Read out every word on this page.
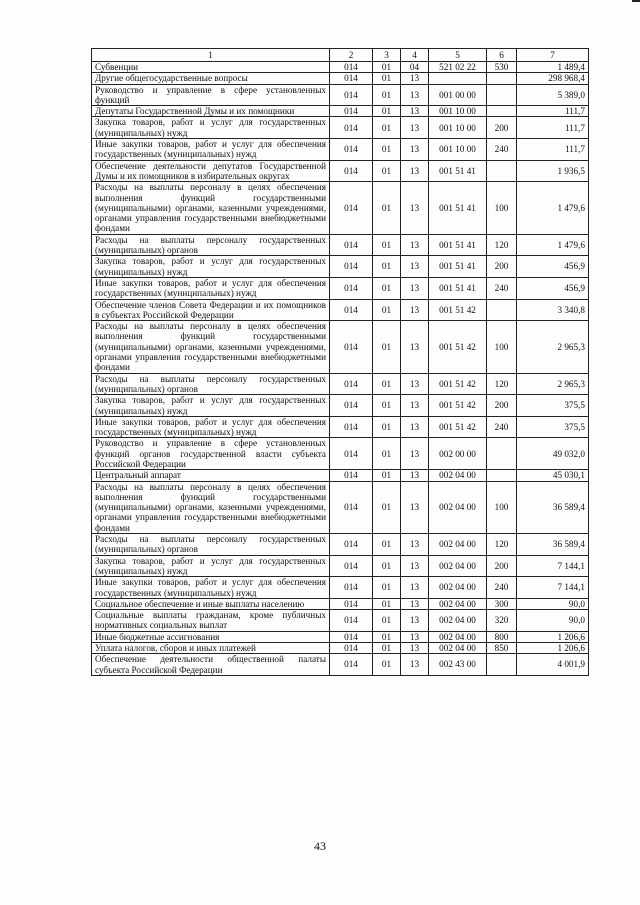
1	2	3	4	5	6	7
Субвенции	014	01	04	521 02 22	530	1 489,4
Другие общегосударственные вопросы	014	01	13			298 968,4
Руководство и управление в сфере установленных функций	014	01	13	001 00 00		5 389,0
Депутаты Государственной Думы и их помощники	014	01	13	001 10 00		111,7
Закупка товаров, работ и услуг для государственных (муниципальных) нужд	014	01	13	001 10 00	200	111,7
Иные закупки товаров, работ и услуг для обеспечения государственных (муниципальных) нужд	014	01	13	001 10 00	240	111,7
Обеспечение деятельности депутатов Государственной Думы и их помощников в избирательных округах	014	01	13	001 51 41		1 936,5
Расходы на выплаты персоналу в целях обеспечения выполнения функций государственными (муниципальными) органами, казенными учреждениями, органами управления государственными внебюджетными фондами	014	01	13	001 51 41	100	1 479,6
Расходы на выплаты персоналу государственных (муниципальных) органов	014	01	13	001 51 41	120	1 479,6
Закупка товаров, работ и услуг для государственных (муниципальных) нужд	014	01	13	001 51 41	200	456,9
Иные закупки товаров, работ и услуг для обеспечения государственных (муниципальных) нужд	014	01	13	001 51 41	240	456,9
Обеспечение членов Совета Федерации и их помощников в субъектах Российской Федерации	014	01	13	001 51 42		3 340,8
Расходы на выплаты персоналу в целях обеспечения выполнения функций государственными (муниципальными) органами, казенными учреждениями, органами управления государственными внебюджетными фондами	014	01	13	001 51 42	100	2 965,3
Расходы на выплаты персоналу государственных (муниципальных) органов	014	01	13	001 51 42	120	2 965,3
Закупка товаров, работ и услуг для государственных (муниципальных) нужд	014	01	13	001 51 42	200	375,5
Иные закупки товаров, работ и услуг для обеспечения государственных (муниципальных) нужд	014	01	13	001 51 42	240	375,5
Руководство и управление в сфере установленных функций органов государственной власти субъекта Российской Федерации	014	01	13	002 00 00		49 032,0
Центральный аппарат	014	01	13	002 04 00		45 030,1
Расходы на выплаты персоналу в целях обеспечения выполнения функций государственными (муниципальными) органами, казенными учреждениями, органами управления государственными внебюджетными фондами	014	01	13	002 04 00	100	36 589,4
Расходы на выплаты персоналу государственных (муниципальных) органов	014	01	13	002 04 00	120	36 589,4
Закупка товаров, работ и услуг для государственных (муниципальных) нужд	014	01	13	002 04 00	200	7 144,1
Иные закупки товаров, работ и услуг для обеспечения государственных (муниципальных) нужд	014	01	13	002 04 00	240	7 144,1
Социальное обеспечение и иные выплаты населению	014	01	13	002 04 00	300	90,0
Социальные выплаты гражданам, кроме публичных нормативных социальных выплат	014	01	13	002 04 00	320	90,0
Иные бюджетные ассигнования	014	01	13	002 04 00	800	1 206,6
Уплата налогов, сборов и иных платежей	014	01	13	002 04 00	850	1 206,6
Обеспечение деятельности общественной палаты субъекта Российской Федерации	014	01	13	002 43 00		4 001,9
43
